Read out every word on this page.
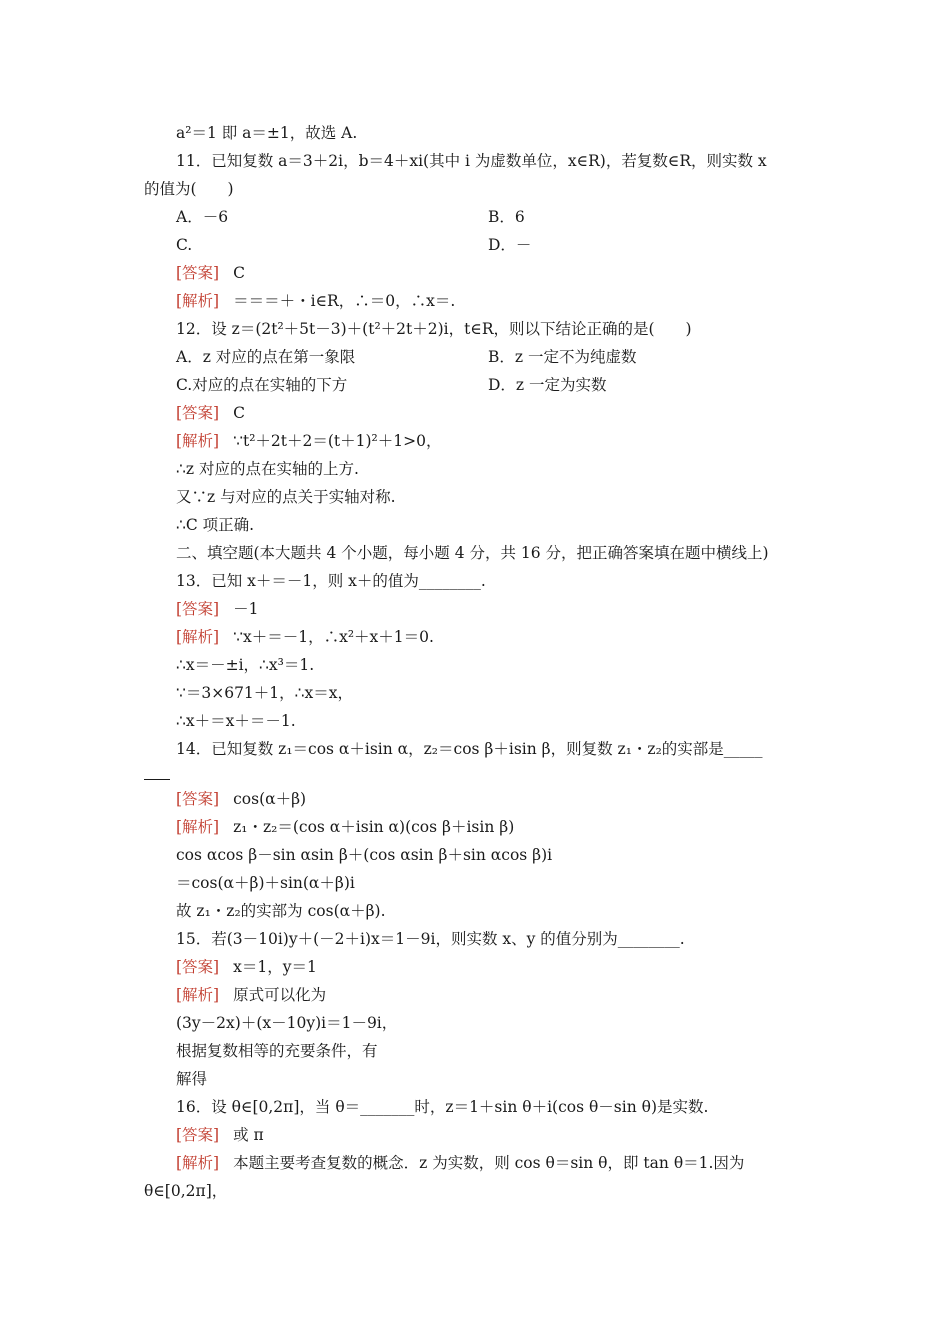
a²＝1 即 a＝±1，故选 A.
11．已知复数 a＝3＋2i，b＝4＋xi(其中 i 为虚数单位，x∈R)，若复数∈R，则实数 x
的值为(　　)
A．－6	B．6
C.	D．－
[答案] C
[解析] ＝＝＝＋・i∈R，∴＝0，∴x＝.
12．设 z＝(2t²＋5t－3)＋(t²＋2t＋2)i，t∈R，则以下结论正确的是(　　)
A．z 对应的点在第一象限	B．z 一定不为纯虚数
C.对应的点在实轴的下方	D．z 一定为实数
[答案] C
[解析] ∵t²＋2t＋2＝(t＋1)²＋1>0，
∴z 对应的点在实轴的上方.
又∵z 与对应的点关于实轴对称.
∴C 项正确.
二、填空题(本大题共 4 个小题，每小题 4 分，共 16 分，把正确答案填在题中横线上)
13．已知 x＋＝－1，则 x＋的值为________.
[答案] －1
[解析] ∵x＋＝－1，∴x²＋x＋1＝0.
∴x＝－±i，∴x³＝1.
∵＝3×671＋1，∴x＝x，
∴x＋＝x＋＝－1.
14．已知复数 z₁＝cos α＋isin α，z₂＝cos β＋isin β，则复数 z₁・z₂的实部是_____
[答案] cos(α＋β)
[解析] z₁・z₂＝(cos α＋isin α)(cos β＋isin β)
cos αcos β－sin αsin β＋(cos αsin β＋sin αcos β)i
＝cos(α＋β)＋sin(α＋β)i
故 z₁・z₂的实部为 cos(α＋β).
15．若(3－10i)y＋(－2＋i)x＝1－9i，则实数 x、y 的值分别为________.
[答案] x＝1，y＝1
[解析] 原式可以化为
(3y－2x)＋(x－10y)i＝1－9i，
根据复数相等的充要条件，有
解得
16．设 θ∈[0,2π]，当 θ＝_______时，z＝1＋sin θ＋i(cos θ－sin θ)是实数.
[答案] 或 π
[解析] 本题主要考查复数的概念．z 为实数，则 cos θ＝sin θ，即 tan θ＝1.因为
θ∈[0,2π]，
